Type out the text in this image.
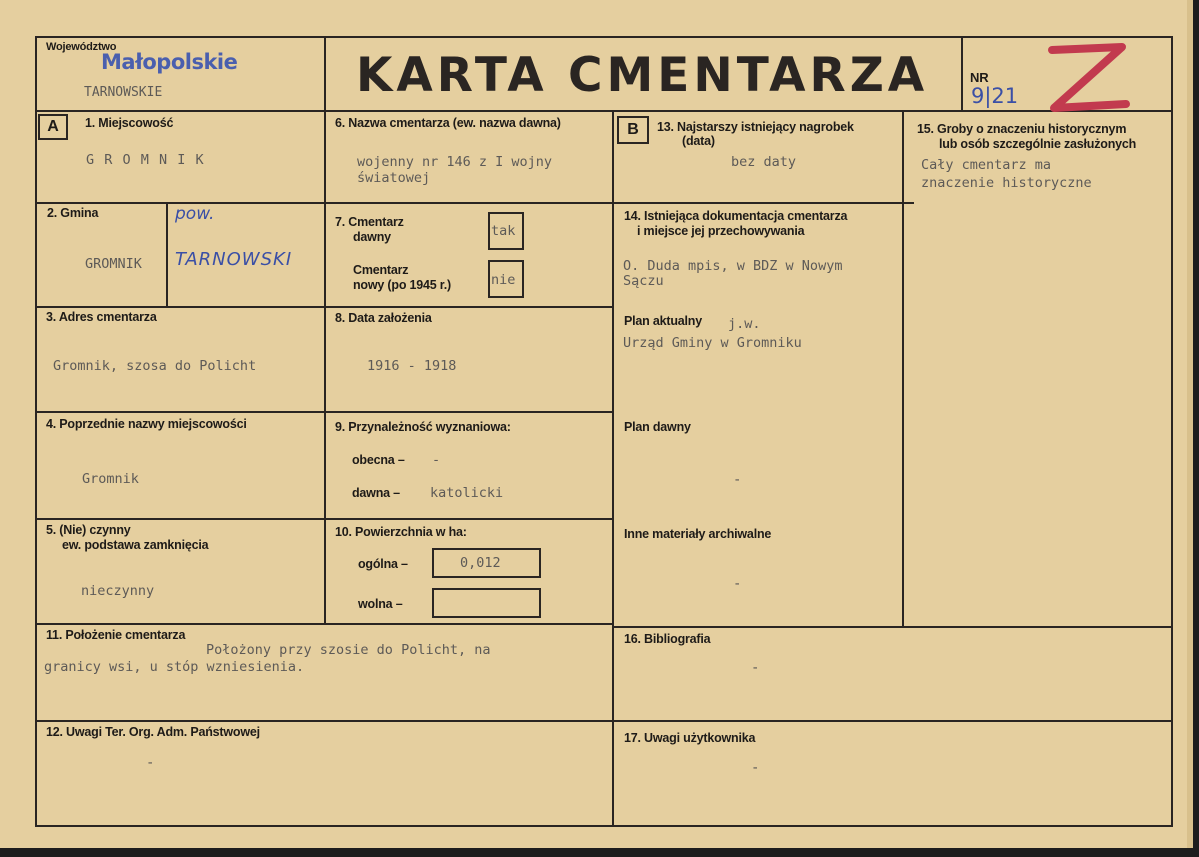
Województwo
Małopolskie
TARNOWSKIE	KARTA CMENTARZA	NR
9|21
A	1. Miejscowość
G R O M N I K
2. Gmina
GROMNIK
pow.
TARNOWSKI
3. Adres cmentarza
Gromnik, szosa do Policht
4. Poprzednie nazwy miejscowości
Gromnik
5. (Nie) czynny
ew. podstawa zamknięcia
nieczynny
6. Nazwa cmentarza (ew. nazwa dawna)
wojenny nr 146 z I wojny
światowej
7. Cmentarz
dawny	tak
Cmentarz
nowy (po 1945 r.)	nie
8. Data założenia
1916 - 1918
9. Przynależność wyznaniowa:
obecna – -
dawna – katolicki
10. Powierzchnia w ha:
ogólna –	0,012
wolna –
B	13. Najstarszy istniejący nagrobek
(data)
bez daty
14. Istniejąca dokumentacja cmentarza
i miejsce jej przechowywania
O. Duda mpis, w BDZ w Nowym
Sączu
Plan aktualny j.w.
Urząd Gminy w Gromniku
Plan dawny
-
Inne materiały archiwalne
-
15. Groby o znaczeniu historycznym
lub osób szczególnie zasłużonych
Cały cmentarz ma
znaczenie historyczne
11. Położenie cmentarza
Położony przy szosie do Policht, na
granicy wsi, u stóp wzniesienia.
12. Uwagi Ter. Org. Adm. Państwowej
-
16. Bibliografia
-
17. Uwagi użytkownika
-
